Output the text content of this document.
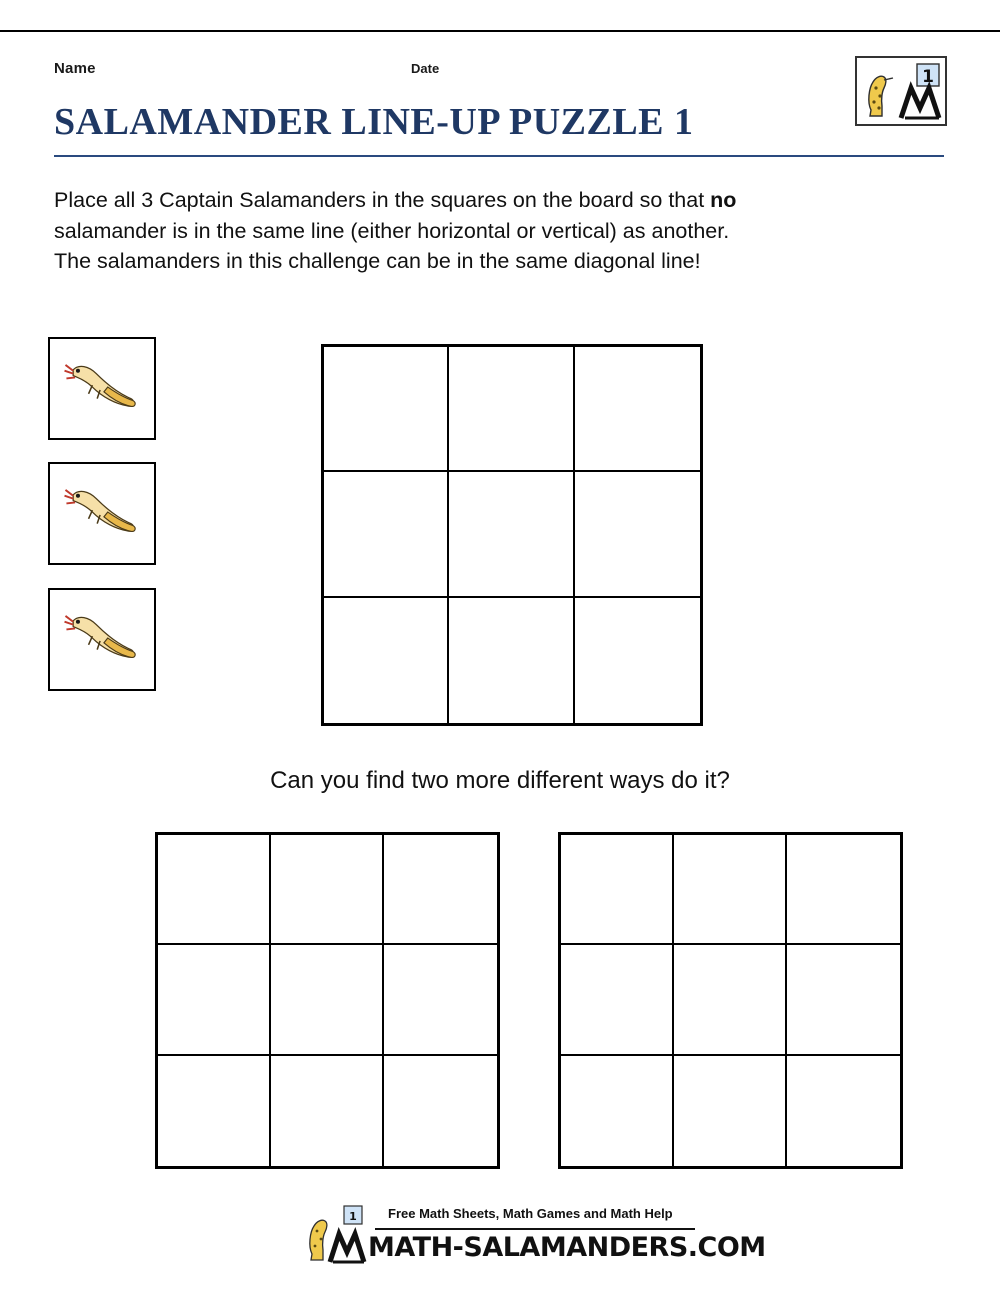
Name	Date
SALAMANDER LINE-UP PUZZLE 1
1
Place all 3 Captain Salamanders in the squares on the board so that no
salamander is in the same line (either horizontal or vertical) as another.
The salamanders in this challenge can be in the same diagonal line!
Can you find two more different ways do it?
1 Free Math Sheets, Math Games and Math Help
MATH-SALAMANDERS.COM
